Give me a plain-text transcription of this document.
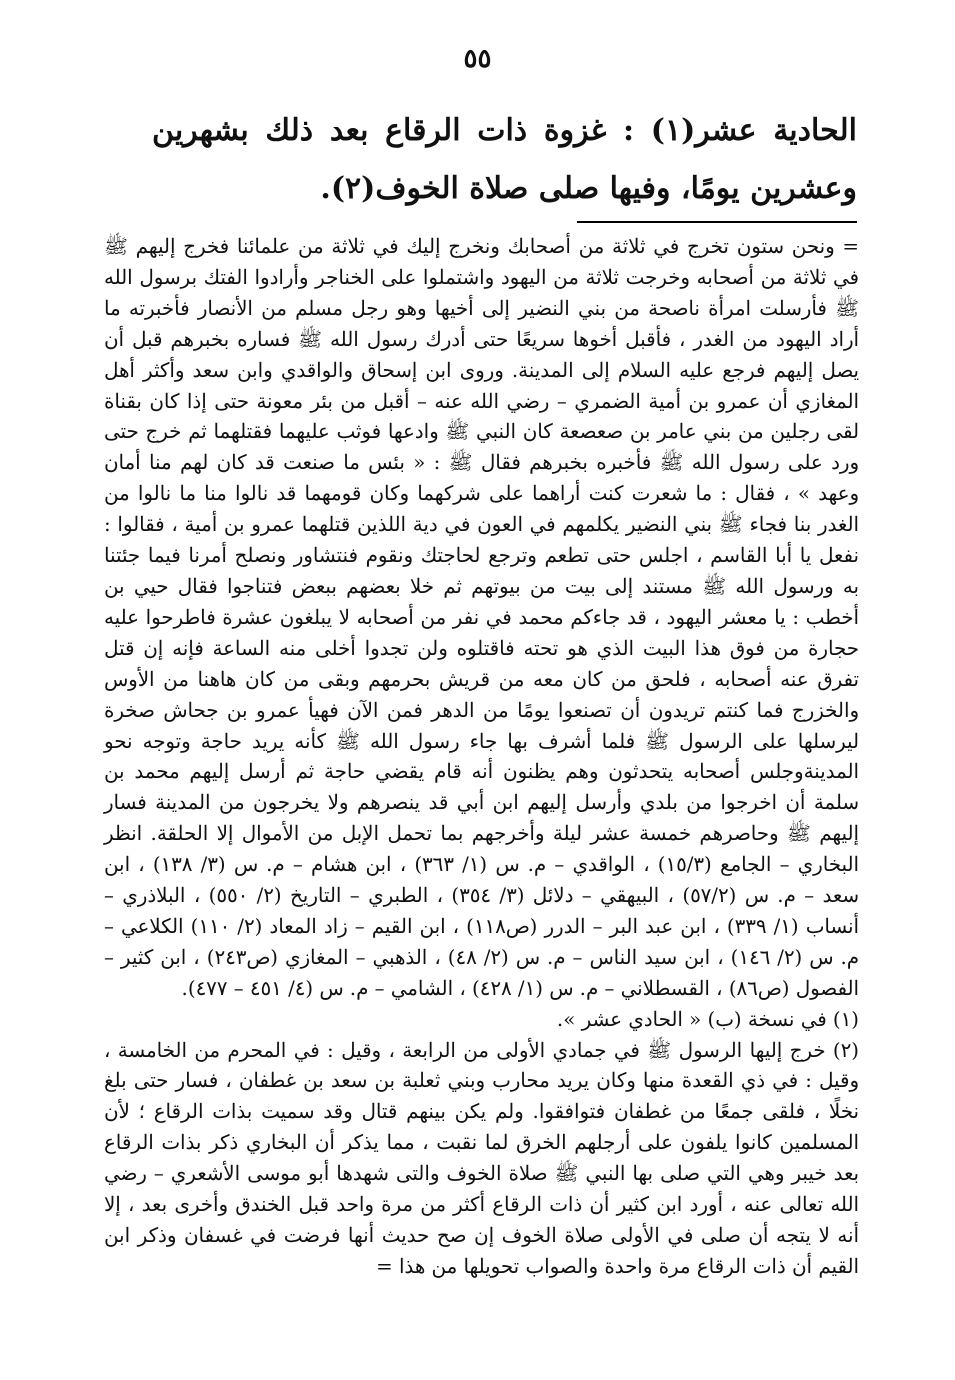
٥٥

الحادية عشر(١) : غزوة ذات الرقاع بعد ذلك بشهرين وعشرين يومًا، وفيها صلى صلاة الخوف(٢).

= ونحن ستون تخرج في ثلاثة من أصحابك ونخرج إليك في ثلاثة من علمائنا فخرج إليهم ﷺ في ثلاثة من أصحابه وخرجت ثلاثة من اليهود واشتملوا على الخناجر وأرادوا الفتك برسول الله ﷺ فأرسلت امرأة ناصحة من بني النضير إلى أخيها وهو رجل مسلم من الأنصار فأخبرته ما أراد اليهود من الغدر ، فأقبل أخوها سريعًا حتى أدرك رسول الله ﷺ فساره بخبرهم قبل أن يصل إليهم فرجع عليه السلام إلى المدينة. وروى ابن إسحاق والواقدي وابن سعد وأكثر أهل المغازي أن عمرو بن أمية الضمري – رضي الله عنه – أقبل من بئر معونة حتى إذا كان بقناة لقى رجلين من بني عامر بن صعصعة كان النبي ﷺ وادعها فوثب عليهما فقتلهما ثم خرج حتى ورد على رسول الله ﷺ فأخبره بخبرهم فقال ﷺ : « بئس ما صنعت قد كان لهم منا أمان وعهد » ، فقال : ما شعرت كنت أراهما على شركهما وكان قومهما قد نالوا منا ما نالوا من الغدر بنا فجاء ﷺ بني النضير يكلمهم في العون في دية اللذين قتلهما عمرو بن أمية ، فقالوا : نفعل يا أبا القاسم ، اجلس حتى تطعم وترجع لحاجتك ونقوم فنتشاور ونصلح أمرنا فيما جئتنا به ورسول الله ﷺ مستند إلى بيت من بيوتهم ثم خلا بعضهم ببعض فتناجوا فقال حيي بن أخطب : يا معشر اليهود ، قد جاءكم محمد في نفر من أصحابه لا يبلغون عشرة فاطرحوا عليه حجارة من فوق هذا البيت الذي هو تحته فاقتلوه ولن تجدوا أخلى منه الساعة فإنه إن قتل تفرق عنه أصحابه ، فلحق من كان معه من قريش بحرمهم وبقى من كان هاهنا من الأوس والخزرج فما كنتم تريدون أن تصنعوا يومًا من الدهر فمن الآن فهيأ عمرو بن جحاش صخرة ليرسلها على الرسول ﷺ فلما أشرف بها جاء رسول الله ﷺ كأنه يريد حاجة وتوجه نحو المدينةوجلس أصحابه يتحدثون وهم يظنون أنه قام يقضي حاجة ثم أرسل إليهم محمد بن سلمة أن اخرجوا من بلدي وأرسل إليهم ابن أبي قد ينصرهم ولا يخرجون من المدينة فسار إليهم ﷺ وحاصرهم خمسة عشر ليلة وأخرجهم بما تحمل الإبل من الأموال إلا الحلقة. انظر البخاري – الجامع (١٥/٣) ، الواقدي – م. س (١/ ٣٦٣) ، ابن هشام – م. س (٣/ ١٣٨) ، ابن سعد – م. س (٥٧/٢) ، البيهقي – دلائل (٣/ ٣٥٤) ، الطبري – التاريخ (٢/ ٥٥٠) ، البلاذري – أنساب (١/ ٣٣٩) ، ابن عبد البر – الدرر (ص١١٨) ، ابن القيم – زاد المعاد (٢/ ١١٠) الكلاعي – م. س (٢/ ١٤٦) ، ابن سيد الناس – م. س (٢/ ٤٨) ، الذهبي – المغازي (ص٢٤٣) ، ابن كثير – الفصول (ص٨٦) ، القسطلاني – م. س (١/ ٤٢٨) ، الشامي – م. س (٤/ ٤٥١ – ٤٧٧).

(١) في نسخة (ب) « الحادي عشر ».

(٢) خرج إليها الرسول ﷺ في جمادي الأولى من الرابعة ، وقيل : في المحرم من الخامسة ، وقيل : في ذي القعدة منها وكان يريد محارب وبني ثعلبة بن سعد بن غطفان ، فسار حتى بلغ نخلًا ، فلقى جمعًا من غطفان فتوافقوا. ولم يكن بينهم قتال وقد سميت بذات الرقاع ؛ لأن المسلمين كانوا يلفون على أرجلهم الخرق لما نقبت ، مما يذكر أن البخاري ذكر بذات الرقاع بعد خيبر وهي التي صلى بها النبي ﷺ صلاة الخوف والتى شهدها أبو موسى الأشعري – رضي الله تعالى عنه ، أورد ابن كثير أن ذات الرقاع أكثر من مرة واحد قبل الخندق وأخرى بعد ، إلا أنه لا يتجه أن صلى في الأولى صلاة الخوف إن صح حديث أنها فرضت في غسفان وذكر ابن القيم أن ذات الرقاع مرة واحدة والصواب تحويلها من هذا =
